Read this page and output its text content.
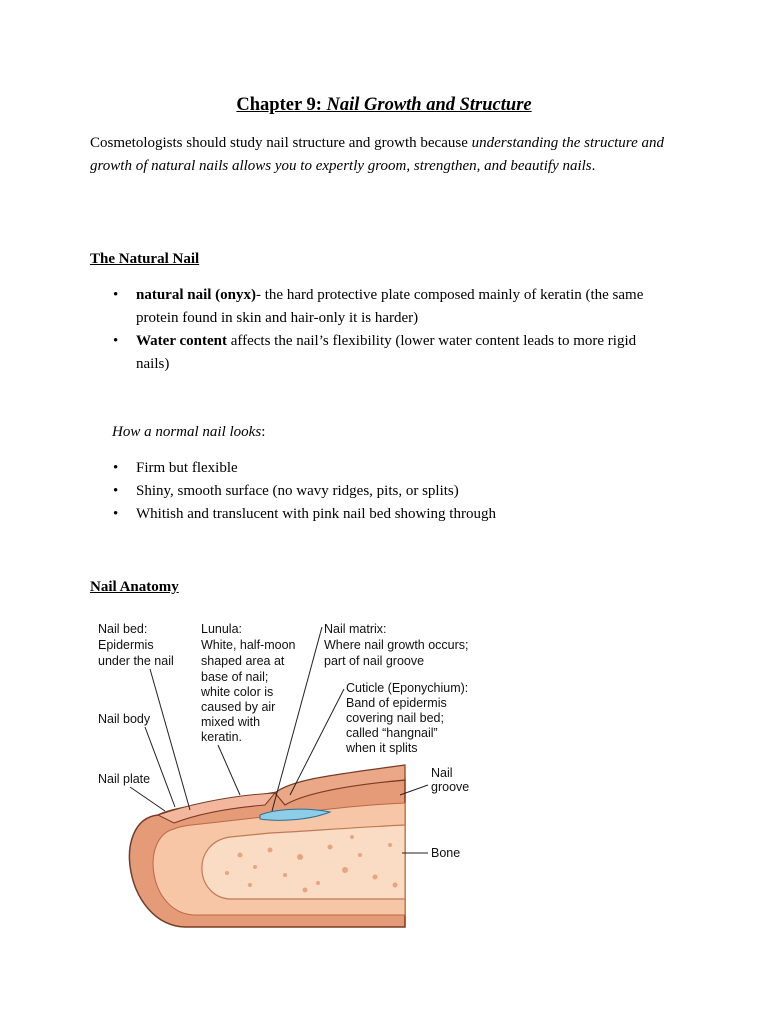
Chapter 9: Nail Growth and Structure
Cosmetologists should study nail structure and growth because understanding the structure and growth of natural nails allows you to expertly groom, strengthen, and beautify nails.
The Natural Nail
• natural nail (onyx)- the hard protective plate composed mainly of keratin (the same protein found in skin and hair-only it is harder)
• Water content affects the nail’s flexibility (lower water content leads to more rigid nails)
How a normal nail looks:
• Firm but flexible
• Shiny, smooth surface (no wavy ridges, pits, or splits)
• Whitish and translucent with pink nail bed showing through
Nail Anatomy
Nail bed:
Epidermis
under the nail
Lunula:
White, half-moon
shaped area at
base of nail;
white color is
caused by air
mixed with
keratin.
Nail matrix:
Where nail growth occurs;
part of nail groove
Cuticle (Eponychium):
Band of epidermis
covering nail bed;
called “hangnail”
when it splits
Nail body
Nail plate	Nail
groove
Bone
